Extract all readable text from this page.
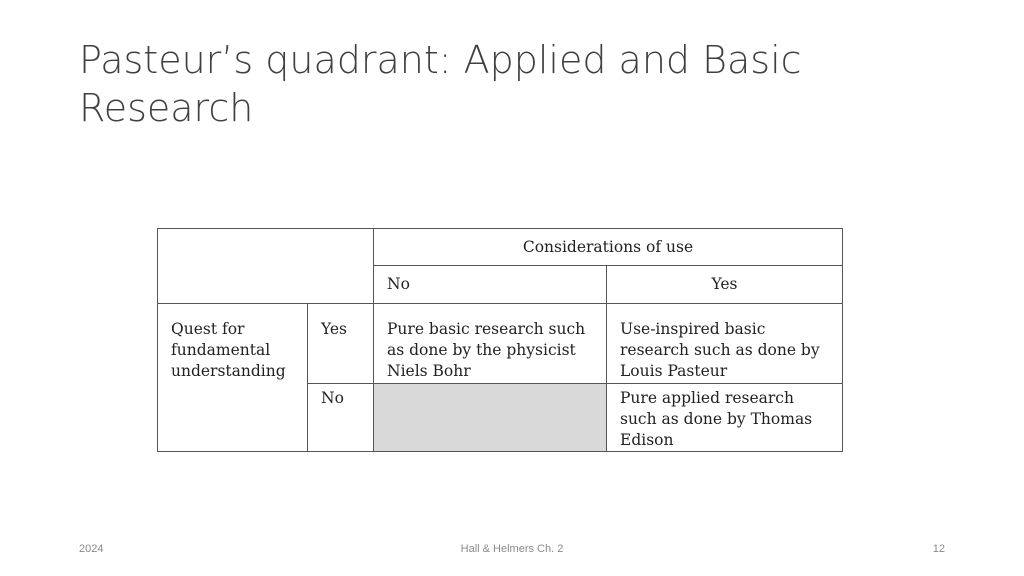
Pasteur’s quadrant: Applied and Basic Research
		Considerations of use	
		No	Yes
Quest for fundamental understanding	Yes	Pure basic research such as done by the physicist Niels Bohr	Use-inspired basic research such as done by Louis Pasteur
	No		Pure applied research such as done by Thomas Edison
2024	Hall & Helmers Ch. 2	12
